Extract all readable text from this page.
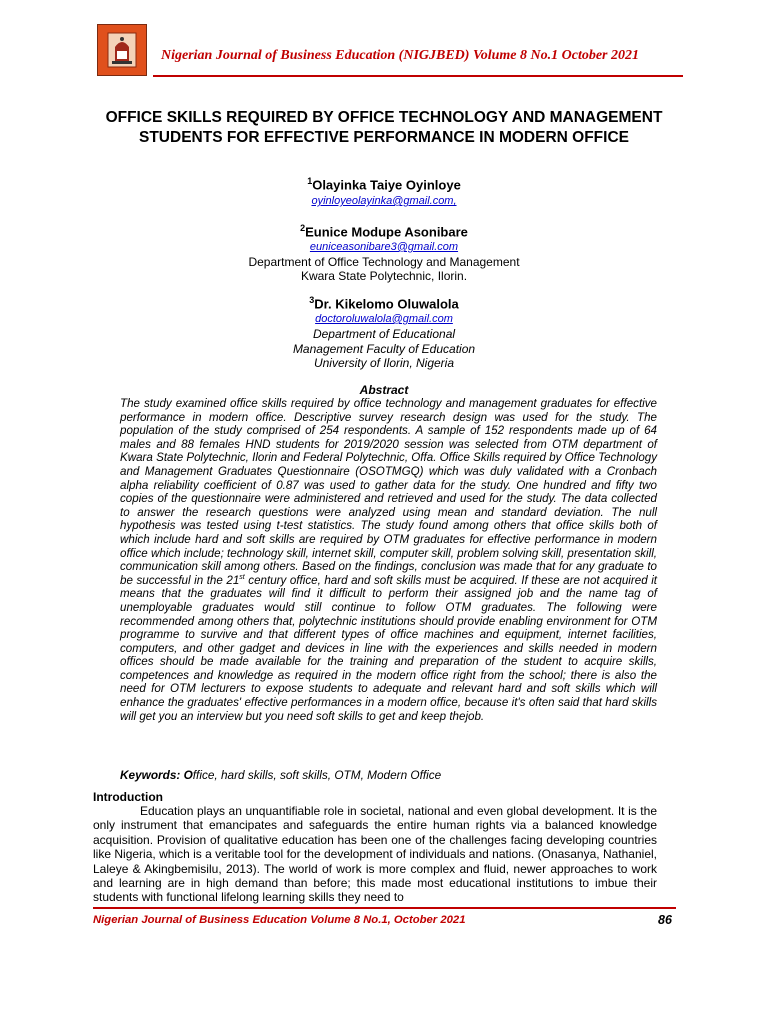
Nigerian Journal of Business Education (NIGJBED) Volume 8 No.1 October 2021
OFFICE SKILLS REQUIRED BY OFFICE TECHNOLOGY AND MANAGEMENT STUDENTS FOR EFFECTIVE PERFORMANCE IN MODERN OFFICE
$^1$Olayinka Taiye Oyinloye
oyinloyeolayinka@gmail.com,
$^2$Eunice Modupe Asonibare
euniceasonibare3@gmail.com
Department of Office Technology and Management
Kwara State Polytechnic, Ilorin.
$^3$Dr. Kikelomo Oluwalola
doctoroluwalola@gmail.com
Department of Educational
Management Faculty of Education
University of Ilorin, Nigeria
Abstract
The study examined office skills required by office technology and management graduates for effective performance in modern office. Descriptive survey research design was used for the study. The population of the study comprised of 254 respondents. A sample of 152 respondents made up of 64 males and 88 females HND students for 2019/2020 session was selected from OTM department of Kwara State Polytechnic, Ilorin and Federal Polytechnic, Offa. Office Skills required by Office Technology and Management Graduates Questionnaire (OSOTMGQ) which was duly validated with a Cronbach alpha reliability coefficient of 0.87 was used to gather data for the study. One hundred and fifty two copies of the questionnaire were administered and retrieved and used for the study. The data collected to answer the research questions were analyzed using mean and standard deviation. The null hypothesis was tested using t-test statistics. The study found among others that office skills both of which include hard and soft skills are required by OTM graduates for effective performance in modern office which include; technology skill, internet skill, computer skill, problem solving skill, presentation skill, communication skill among others. Based on the findings, conclusion was made that for any graduate to be successful in the 21st century office, hard and soft skills must be acquired. If these are not acquired it means that the graduates will find it difficult to perform their assigned job and the name tag of unemployable graduates would still continue to follow OTM graduates. The following were recommended among others that, polytechnic institutions should provide enabling environment for OTM programme to survive and that different types of office machines and equipment, internet facilities, computers, and other gadget and devices in line with the experiences and skills needed in modern offices should be made available for the training and preparation of the student to acquire skills, competences and knowledge as required in the modern office right from the school; there is also the need for OTM lecturers to expose students to adequate and relevant hard and soft skills which will enhance the graduates' effective performances in a modern office, because it's often said that hard skills will get you an interview but you need soft skills to get and keep thejob.
Keywords: Office, hard skills, soft skills, OTM, Modern Office
Introduction
Education plays an unquantifiable role in societal, national and even global development. It is the only instrument that emancipates and safeguards the entire human rights via a balanced knowledge acquisition. Provision of qualitative education has been one of the challenges facing developing countries like Nigeria, which is a veritable tool for the development of individuals and nations. (Onasanya, Nathaniel, Laleye & Akingbemisilu, 2013). The world of work is more complex and fluid, newer approaches to work and learning are in high demand than before; this made most educational institutions to imbue their students with functional lifelong learning skills they need to
Nigerian Journal of Business Education Volume 8 No.1, October 2021	86
